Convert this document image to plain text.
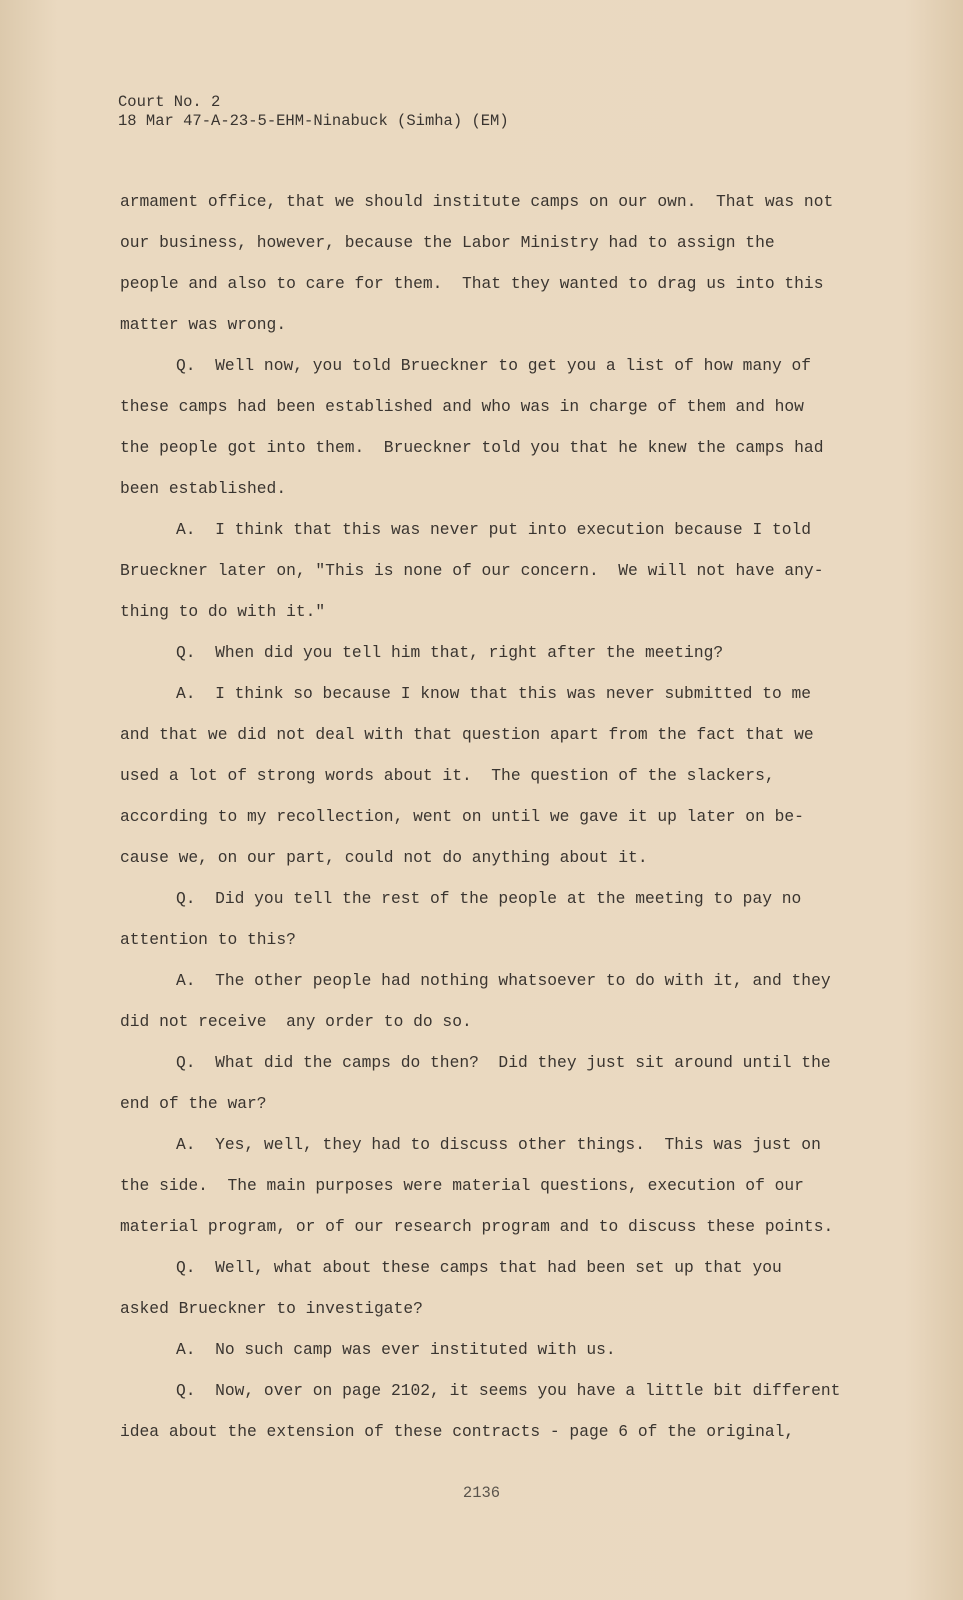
Court No. 2
18 Mar 47-A-23-5-EHM-Ninabuck (Simha) (EM)
armament office, that we should institute camps on our own.  That was not
our business, however, because the Labor Ministry had to assign the
people and also to care for them.  That they wanted to drag us into this
matter was wrong.
Q.  Well now, you told Brueckner to get you a list of how many of
these camps had been established and who was in charge of them and how
the people got into them.  Brueckner told you that he knew the camps had
been established.
A.  I think that this was never put into execution because I told
Brueckner later on, "This is none of our concern.  We will not have any-
thing to do with it."
Q.  When did you tell him that, right after the meeting?
A.  I think so because I know that this was never submitted to me
and that we did not deal with that question apart from the fact that we
used a lot of strong words about it.  The question of the slackers,
according to my recollection, went on until we gave it up later on be-
cause we, on our part, could not do anything about it.
Q.  Did you tell the rest of the people at the meeting to pay no
attention to this?
A.  The other people had nothing whatsoever to do with it, and they
did not receive  any order to do so.
Q.  What did the camps do then?  Did they just sit around until the
end of the war?
A.  Yes, well, they had to discuss other things.  This was just on
the side.  The main purposes were material questions, execution of our
material program, or of our research program and to discuss these points.
Q.  Well, what about these camps that had been set up that you
asked Brueckner to investigate?
A.  No such camp was ever instituted with us.
Q.  Now, over on page 2102, it seems you have a little bit different
idea about the extension of these contracts - page 6 of the original,
2136
